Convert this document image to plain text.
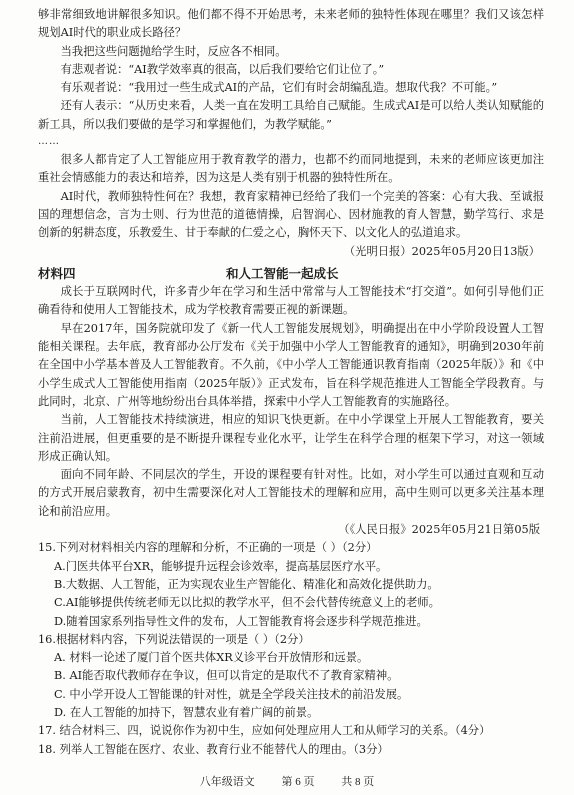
够非常细致地讲解很多知识。他们都不得不开始思考，未来老师的独特性体现在哪里？我们又该怎样规划AI时代的职业成长路径？

当我把这些问题抛给学生时，反应各不相同。

有悲观者说：“AI教学效率真的很高，以后我们要给它们让位了。”

有乐观者说：“我用过一些生成式AI的产品，它们有时会胡编乱造。想取代我？不可能。”

还有人表示：“从历史来看，人类一直在发明工具给自己赋能。生成式AI是可以给人类认知赋能的新工具，所以我们要做的是学习和掌握他们，为教学赋能。”

……

很多人都肯定了人工智能应用于教育教学的潜力，也都不约而同地提到，未来的老师应该更加注重社会情感能力的表达和培养，因为这是人类有别于机器的独特性所在。

AI时代，教师独特性何在？我想，教育家精神已经给了我们一个完美的答案：心有大我、至诚报国的理想信念，言为士则、行为世范的道德情操，启智润心、因材施教的育人智慧，勤学笃行、求是创新的躬耕态度，乐教爱生、甘于奉献的仁爱之心，胸怀天下、以文化人的弘道追求。

（光明日报）2025年05月20日13版）

材料四	和人工智能一起成长

成长于互联网时代，许多青少年在学习和生活中常常与人工智能技术“打交道”。如何引导他们正确看待和使用人工智能技术，成为学校教育需要正视的新课题。

早在2017年，国务院就印发了《新一代人工智能发展规划》，明确提出在中小学阶段设置人工智能相关课程。去年底，教育部办公厅发布《关于加强中小学人工智能教育的通知》，明确到2030年前在全国中小学基本普及人工智能教育。不久前，《中小学人工智能通识教育指南（2025年版）》和《中小学生成式人工智能使用指南（2025年版）》正式发布，旨在科学规范推进人工智能全学段教育。与此同时，北京、广州等地纷纷出台具体举措，探索中小学人工智能教育的实施路径。

当前，人工智能技术持续演进，相应的知识飞快更新。在中小学课堂上开展人工智能教育，要关注前沿进展，但更重要的是不断提升课程专业化水平，让学生在科学合理的框架下学习，对这一领域形成正确认知。

面向不同年龄、不同层次的学生，开设的课程要有针对性。比如，对小学生可以通过直观和互动的方式开展启蒙教育，初中生需要深化对人工智能技术的理解和应用，高中生则可以更多关注基本理论和前沿应用。

（《人民日报》2025年05月21日第05版

15.下列对材料相关内容的理解和分析，不正确的一项是（ ）（2分）

A.门医共体平台XR，能够提升远程会诊效率，提高基层医疗水平。

B.大数据、人工智能，正为实现农业生产智能化、精准化和高效化提供助力。

C.AI能够提供传统老师无以比拟的教学水平，但不会代替传统意义上的老师。

D.随着国家系列指导性文件的发布，人工智能教育将会逐步科学规范推进。

16.根据材料内容，下列说法错误的一项是（ ）（2分）

A. 材料一论述了厦门首个医共体XR义诊平台开放情形和远景。

B. AI能否取代教师存在争议，但可以肯定的是取代不了教育家精神。

C. 中小学开设人工智能课的针对性，就是全学段关注技术的前沿发展。

D. 在人工智能的加持下，智慧农业有着广阔的前景。

17. 结合材料三、四，说说你作为初中生，应如何处理应用人工和从师学习的关系。（4分）

18. 列举人工智能在医疗、农业、教育行业不能替代人的理由。（3分）

八年级语文 第 6 页 共 8 页
